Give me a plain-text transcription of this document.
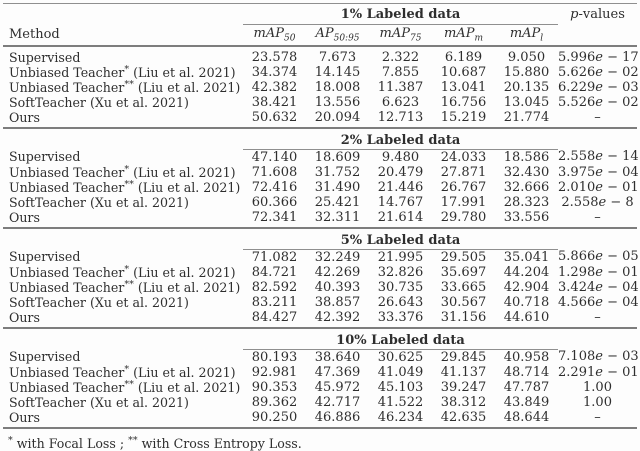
	1% Labeled data					p-values
Method	mAP$_{50}$	$AP_{50:95}$	mAP$_{75}$	mAP$_m$	mAP$_l$	
Supervised	23.578	7.673	2.322	6.189	9.050	5.996e − 17
Unbiased Teacher* (Liu et al. 2021)	34.374	14.145	7.855	10.687	15.880	5.626e − 02
Unbiased Teacher** (Liu et al. 2021)	42.382	18.008	11.387	13.041	20.135	6.229e − 03
SoftTeacher (Xu et al. 2021)	38.421	13.556	6.623	16.756	13.045	5.526e − 02
Ours	50.632	20.094	12.713	15.219	21.774	–
	2% Labeled data					
Supervised	47.140	18.609	9.480	24.033	18.586	2.558e − 14
Unbiased Teacher* (Liu et al. 2021)	71.608	31.752	20.479	27.871	32.430	3.975e − 04
Unbiased Teacher** (Liu et al. 2021)	72.416	31.490	21.446	26.767	32.666	2.010e − 01
SoftTeacher (Xu et al. 2021)	60.366	25.421	14.767	17.991	28.323	2.558e − 8
Ours	72.341	32.311	21.614	29.780	33.556	–
	5% Labeled data					
Supervised	71.082	32.249	21.995	29.505	35.041	5.866e − 05
Unbiased Teacher* (Liu et al. 2021)	84.721	42.269	32.826	35.697	44.204	1.298e − 01
Unbiased Teacher** (Liu et al. 2021)	82.592	40.393	30.735	33.665	42.904	3.424e − 04
SoftTeacher (Xu et al. 2021)	83.211	38.857	26.643	30.567	40.718	4.566e − 04
Ours	84.427	42.392	33.376	31.156	44.610	–
	10% Labeled data					
Supervised	80.193	38.640	30.625	29.845	40.958	7.108e − 03
Unbiased Teacher* (Liu et al. 2021)	92.981	47.369	41.049	41.137	48.714	2.291e − 01
Unbiased Teacher** (Liu et al. 2021)	90.353	45.972	45.103	39.247	47.787	1.00
SoftTeacher (Xu et al. 2021)	89.362	42.717	41.522	38.312	43.849	1.00
Ours	90.250	46.886	46.234	42.635	48.644	–
* with Focal Loss ; ** with Cross Entropy Loss.
